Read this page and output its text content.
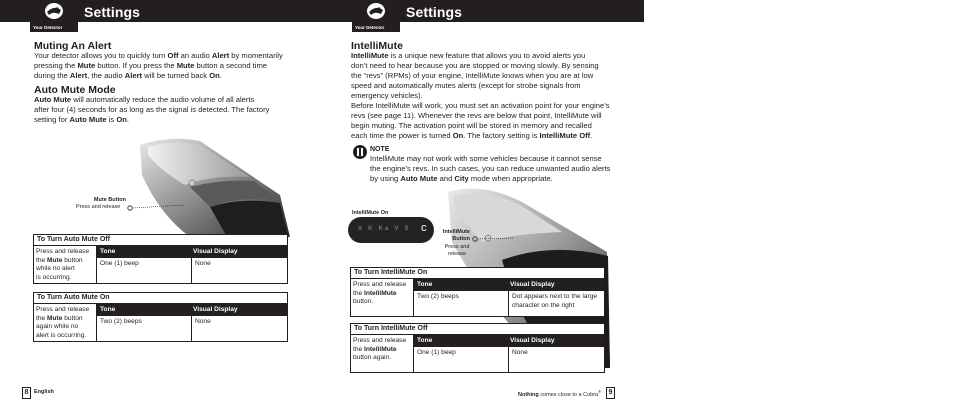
Settings
Your Detector
Muting An Alert
Your detector allows you to quickly turn Off an audio Alert by momentarily
pressing the Mute button. If you press the Mute button a second time
during the Alert, the audio Alert will be turned back On.
Auto Mute Mode
Auto Mute will automatically reduce the audio volume of all alerts
after four (4) seconds for as long as the signal is detected. The factory
setting for Auto Mute is On.
Mute Button
Press and release
To Turn Auto Mute Off
Press and release
the Mute button
while no alert
is occurring.
Tone	Visual Display
One (1) beep	None
To Turn Auto Mute On
Press and release
the Mute button
again while no
alert is occurring.
Tone	Visual Display
Two (2) beeps	None
8	English
Settings
Your Detector
IntelliMute
IntelliMute is a unique new feature that allows you to avoid alerts you
don’t need to hear because you are stopped or moving slowly. By sensing
the “revs” (RPMs) of your engine, IntelliMute knows when you are at low
speed and automatically mutes alerts (except for strobe signals from
emergency vehicles).
Before IntelliMute will work, you must set an activation point for your engine’s
revs (see page 11). Whenever the revs are below that point, IntelliMute will
begin muting. The activation point will be stored in memory and recalled
each time the power is turned On. The factory setting is IntelliMute Off.
NOTE
IntelliMute may not work with some vehicles because it cannot sense
the engine’s revs. In such cases, you can reduce unwanted audio alerts
by using Auto Mute and City mode when appropriate.
IntelliMute On
X K Ka V S C	IntelliMute
Button
Press and
release
To Turn IntelliMute On
Press and release
the IntelliMute
button.
Tone	Visual Display
Two (2) beeps	Dot appears next to the large
character on the right
To Turn IntelliMute Off
Press and release
the IntelliMute
button again.
Tone	Visual Display
One (1) beep	None
Nothing comes close to a Cobra®	9
